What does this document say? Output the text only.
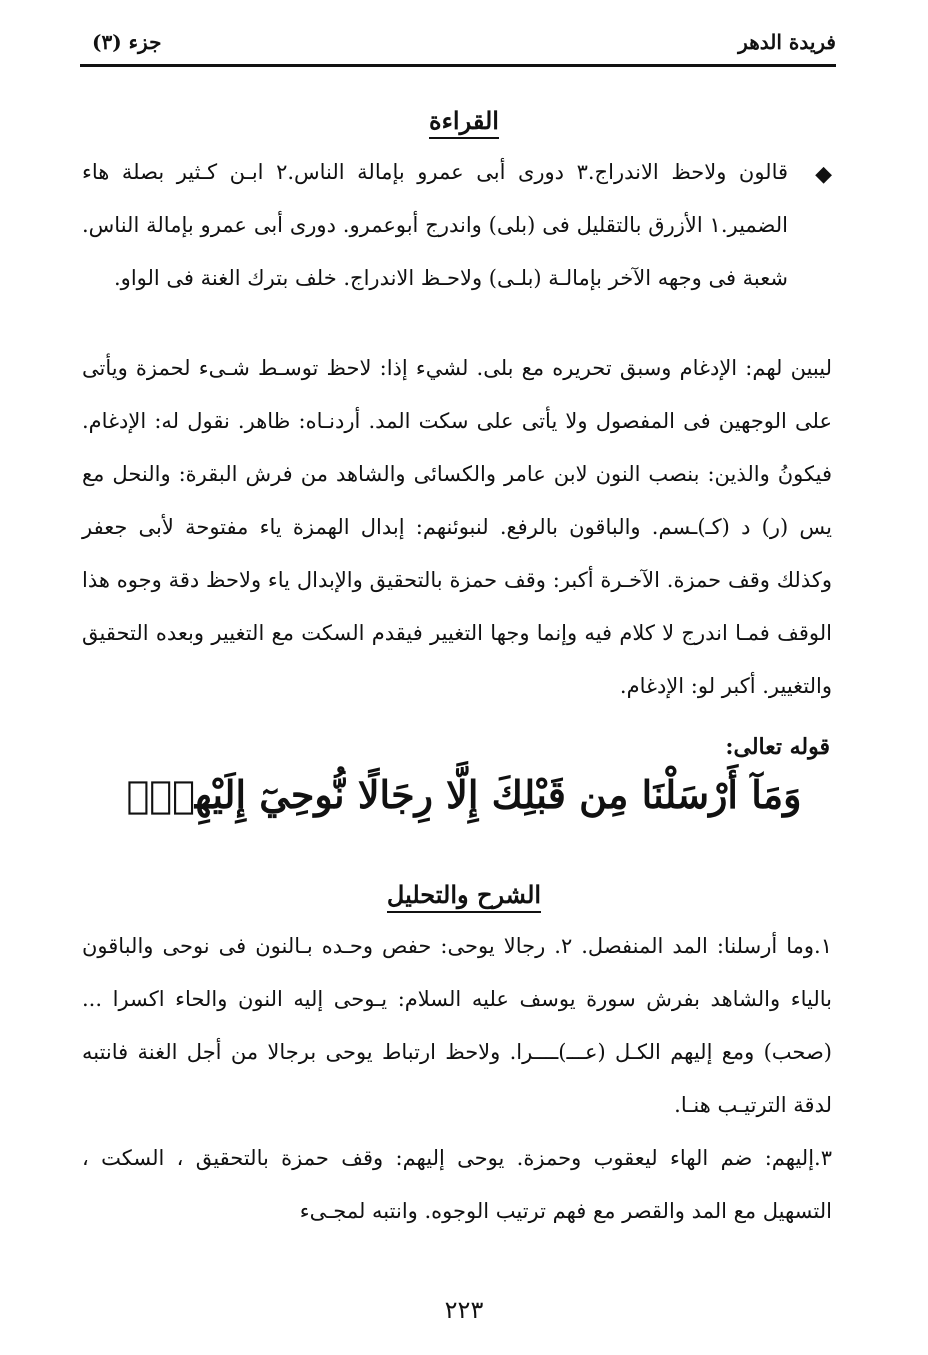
فريدة الدهر
جزء (٣)
القراءة
◆
قالون ولاحظ الاندراج.٣ دورى أبى عمرو بإمالة الناس.٢ ابـن كـثير بصلة هاء الضمير.١ الأزرق بالتقليل فى (بلى) واندرج أبوعمرو. دورى أبى عمرو بإمالة الناس. شعبة فى وجهه الآخر بإمالـة (بلـى) ولاحـظ الاندراج. خلف بترك الغنة فى الواو.
ليبين لهم: الإدغام وسبق تحريره مع بلى. لشيء إذا: لاحظ توسـط شـىء لحمزة ويأتى على الوجهين فى المفصول ولا يأتى على سكت المد. أردنـاه: ظاهر. نقول له: الإدغام. فيكونُ والذين: بنصب النون لابن عامر والكسائى والشاهد من فرش البقرة: والنحل مع يس (ر) د (كـ)ـسم. والباقون بالرفع. لنبوئنهم: إبدال الهمزة ياء مفتوحة لأبى جعفر وكذلك وقف حمزة. الآخـرة أكبر: وقف حمزة بالتحقيق والإبدال ياء ولاحظ دقة وجوه هذا الوقف فمـا اندرج لا كلام فيه وإنما وجها التغيير فيقدم السكت مع التغيير وبعده التحقيق والتغيير. أكبر لو: الإدغام.
قوله تعالى:
وَمَآ أَرْسَلْنَا مِن قَبْلِكَ إِلَّا رِجَالًا نُّوحِيٓ إِلَيْهِمْۚ
الشرح والتحليل

١.وما أرسلنا: المد المنفصل. ٢. رجالا يوحى: حفص وحـده بـالنون فى نوحى والباقون بالياء والشاهد بفرش سورة يوسف عليه السلام: يـوحى إليه النون والحاء اكسرا ... (صحب) ومع إليهم الكـل (عـــ)ــــرا. ولاحظ ارتباط يوحى برجالا من أجل الغنة فانتبه لدقة الترتيـب هنـا.

٣.إليهم: ضم الهاء ليعقوب وحمزة. يوحى إليهم: وقف حمزة بالتحقيق ، السكت ، التسهيل مع المد والقصر مع فهم ترتيب الوجوه. وانتبه لمجـىء

٢٢٣
